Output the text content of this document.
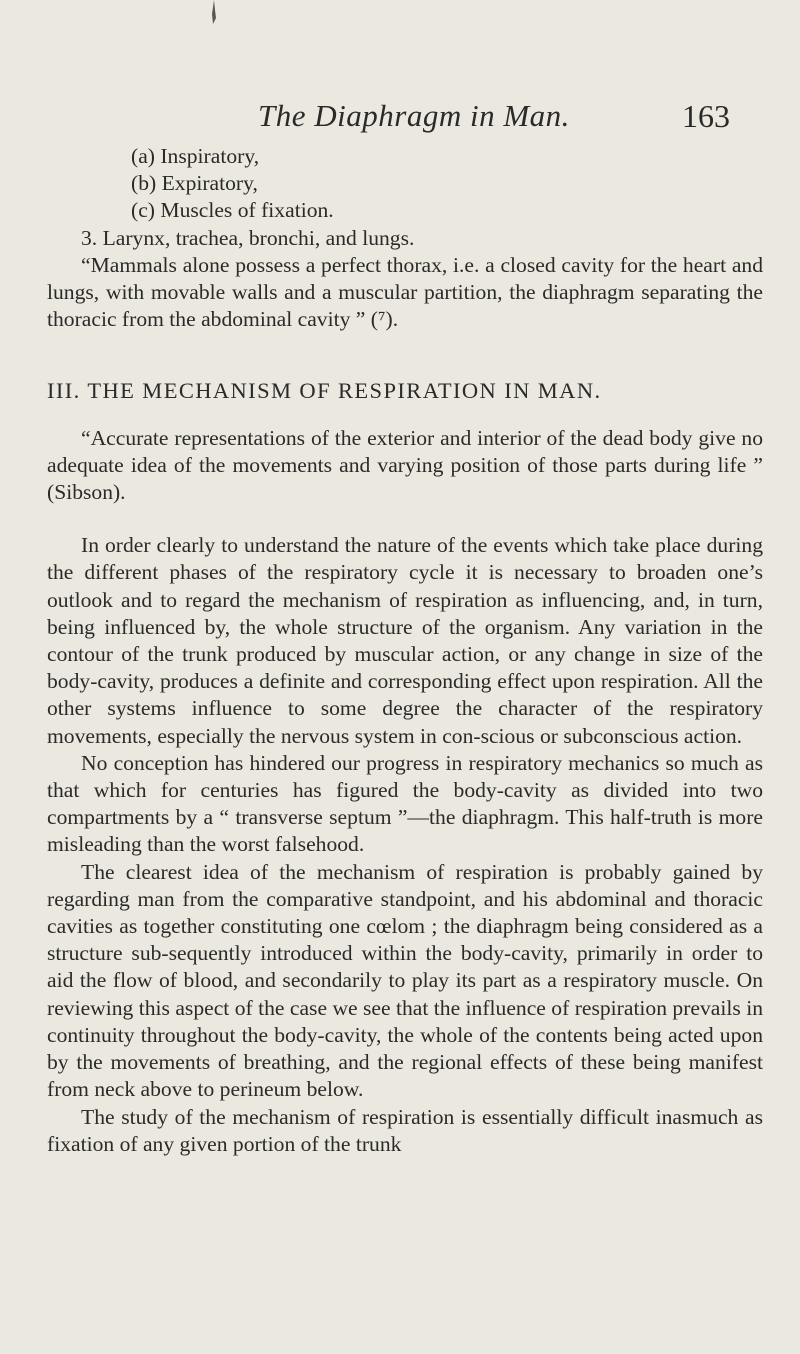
The Diaphragm in Man.	163
(a) Inspiratory,
(b) Expiratory,
(c) Muscles of fixation.
3. Larynx, trachea, bronchi, and lungs.

“Mammals alone possess a perfect thorax, i.e. a closed cavity for the heart and lungs, with movable walls and a muscular partition, the diaphragm separating the thoracic from the abdominal cavity ” (⁷).

III. THE MECHANISM OF RESPIRATION IN MAN.

“Accurate representations of the exterior and interior of the dead body give no adequate idea of the movements and varying position of those parts during life ” (Sibson).

In order clearly to understand the nature of the events which take place during the different phases of the respiratory cycle it is necessary to broaden one’s outlook and to regard the mechanism of respiration as influencing, and, in turn, being influenced by, the whole structure of the organism. Any variation in the contour of the trunk produced by muscular action, or any change in size of the body-cavity, produces a definite and corresponding effect upon respiration. All the other systems influence to some degree the character of the respiratory movements, especially the nervous system in con-scious or subconscious action.

No conception has hindered our progress in respiratory mechanics so much as that which for centuries has figured the body-cavity as divided into two compartments by a “ transverse septum ”—the diaphragm. This half-truth is more misleading than the worst falsehood.

The clearest idea of the mechanism of respiration is probably gained by regarding man from the comparative standpoint, and his abdominal and thoracic cavities as together constituting one cœlom ; the diaphragm being considered as a structure sub-sequently introduced within the body-cavity, primarily in order to aid the flow of blood, and secondarily to play its part as a respiratory muscle. On reviewing this aspect of the case we see that the influence of respiration prevails in continuity throughout the body-cavity, the whole of the contents being acted upon by the movements of breathing, and the regional effects of these being manifest from neck above to perineum below.

The study of the mechanism of respiration is essentially difficult inasmuch as fixation of any given portion of the trunk
